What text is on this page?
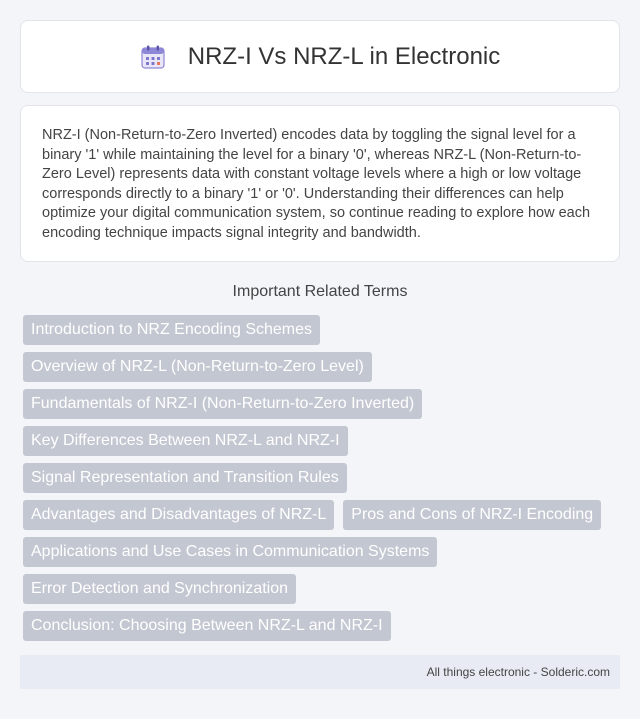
NRZ-I Vs NRZ-L in Electronic

NRZ-I (Non-Return-to-Zero Inverted) encodes data by toggling the signal level for a binary '1' while maintaining the level for a binary '0', whereas NRZ-L (Non-Return-to-Zero Level) represents data with constant voltage levels where a high or low voltage corresponds directly to a binary '1' or '0'. Understanding their differences can help optimize your digital communication system, so continue reading to explore how each encoding technique impacts signal integrity and bandwidth.

Important Related Terms
Introduction to NRZ Encoding Schemes
Overview of NRZ-L (Non-Return-to-Zero Level)
Fundamentals of NRZ-I (Non-Return-to-Zero Inverted)
Key Differences Between NRZ-L and NRZ-I
Signal Representation and Transition Rules
Advantages and Disadvantages of NRZ-L	Pros and Cons of NRZ-I Encoding
Applications and Use Cases in Communication Systems
Error Detection and Synchronization
Conclusion: Choosing Between NRZ-L and NRZ-I
All things electronic - Solderic.com
